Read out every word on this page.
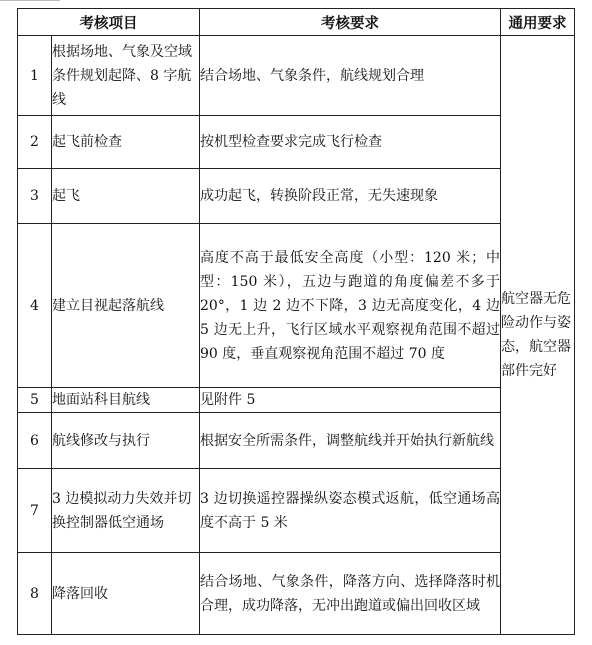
考核项目		考核要求	通用要求
1	根据场地、气象及空域条件规划起降、8 字航线	结合场地、气象条件，航线规划合理	航空器无危险动作与姿态，航空器部件完好
2	起飞前检查	按机型检查要求完成飞行检查	
3	起飞	成功起飞，转换阶段正常，无失速现象	
4	建立目视起落航线	高度不高于最低安全高度（小型：120 米；中型：150 米），五边与跑道的角度偏差不多于 20°，1 边 2 边不下降，3 边无高度变化，4 边 5 边无上升，飞行区域水平观察视角范围不超过 90 度，垂直观察视角范围不超过 70 度	
5	地面站科目航线	见附件 5	
6	航线修改与执行	根据安全所需条件，调整航线并开始执行新航线	
7	3 边模拟动力失效并切换控制器低空通场	3 边切换遥控器操纵姿态模式返航，低空通场高度不高于 5 米	
8	降落回收	结合场地、气象条件，降落方向、选择降落时机合理，成功降落，无冲出跑道或偏出回收区域	
